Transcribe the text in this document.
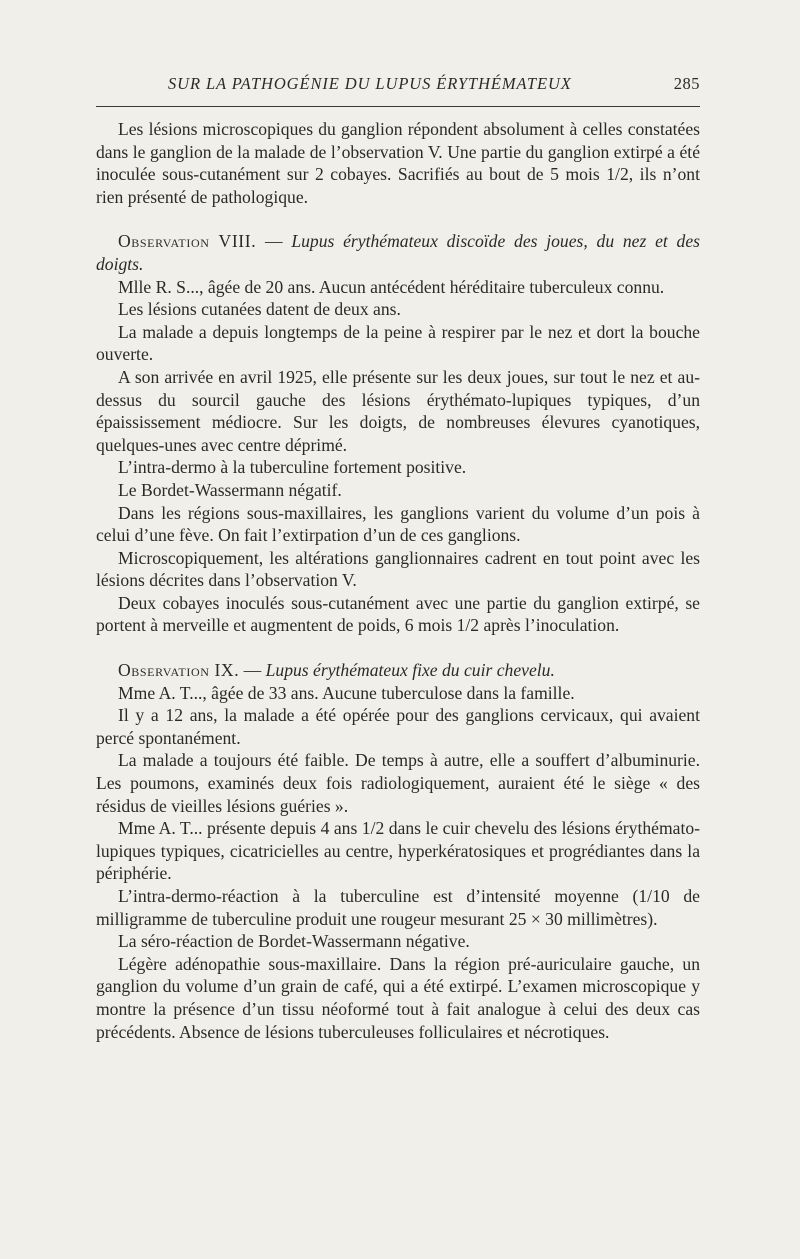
SUR LA PATHOGÉNIE DU LUPUS ÉRYTHÉMATEUX	285

Les lésions microscopiques du ganglion répondent absolument à celles constatées dans le ganglion de la malade de l’observation V. Une partie du ganglion extirpé a été inoculée sous-cutanément sur 2 cobayes. Sacrifiés au bout de 5 mois 1/2, ils n’ont rien présenté de pathologique.

Observation VIII. — Lupus érythémateux discoïde des joues, du nez et des doigts.

Mlle R. S..., âgée de 20 ans. Aucun antécédent héréditaire tuberculeux connu.

Les lésions cutanées datent de deux ans.

La malade a depuis longtemps de la peine à respirer par le nez et dort la bouche ouverte.

A son arrivée en avril 1925, elle présente sur les deux joues, sur tout le nez et au-dessus du sourcil gauche des lésions érythémato-lupiques typiques, d’un épaississement médiocre. Sur les doigts, de nombreuses élevures cyanotiques, quelques-unes avec centre déprimé.

L’intra-dermo à la tuberculine fortement positive.

Le Bordet-Wassermann négatif.

Dans les régions sous-maxillaires, les ganglions varient du volume d’un pois à celui d’une fève. On fait l’extirpation d’un de ces ganglions.

Microscopiquement, les altérations ganglionnaires cadrent en tout point avec les lésions décrites dans l’observation V.

Deux cobayes inoculés sous-cutanément avec une partie du ganglion extirpé, se portent à merveille et augmentent de poids, 6 mois 1/2 après l’inoculation.

Observation IX. — Lupus érythémateux fixe du cuir chevelu.

Mme A. T..., âgée de 33 ans. Aucune tuberculose dans la famille.

Il y a 12 ans, la malade a été opérée pour des ganglions cervicaux, qui avaient percé spontanément.

La malade a toujours été faible. De temps à autre, elle a souffert d’albuminurie. Les poumons, examinés deux fois radiologiquement, auraient été le siège « des résidus de vieilles lésions guéries ».

Mme A. T... présente depuis 4 ans 1/2 dans le cuir chevelu des lésions érythémato-lupiques typiques, cicatricielles au centre, hyperkératosiques et progrédiantes dans la périphérie.

L’intra-dermo-réaction à la tuberculine est d’intensité moyenne (1/10 de milligramme de tuberculine produit une rougeur mesurant 25 × 30 millimètres).

La séro-réaction de Bordet-Wassermann négative.

Légère adénopathie sous-maxillaire. Dans la région pré-auriculaire gauche, un ganglion du volume d’un grain de café, qui a été extirpé. L’examen microscopique y montre la présence d’un tissu néoformé tout à fait analogue à celui des deux cas précédents. Absence de lésions tuberculeuses folliculaires et nécrotiques.
